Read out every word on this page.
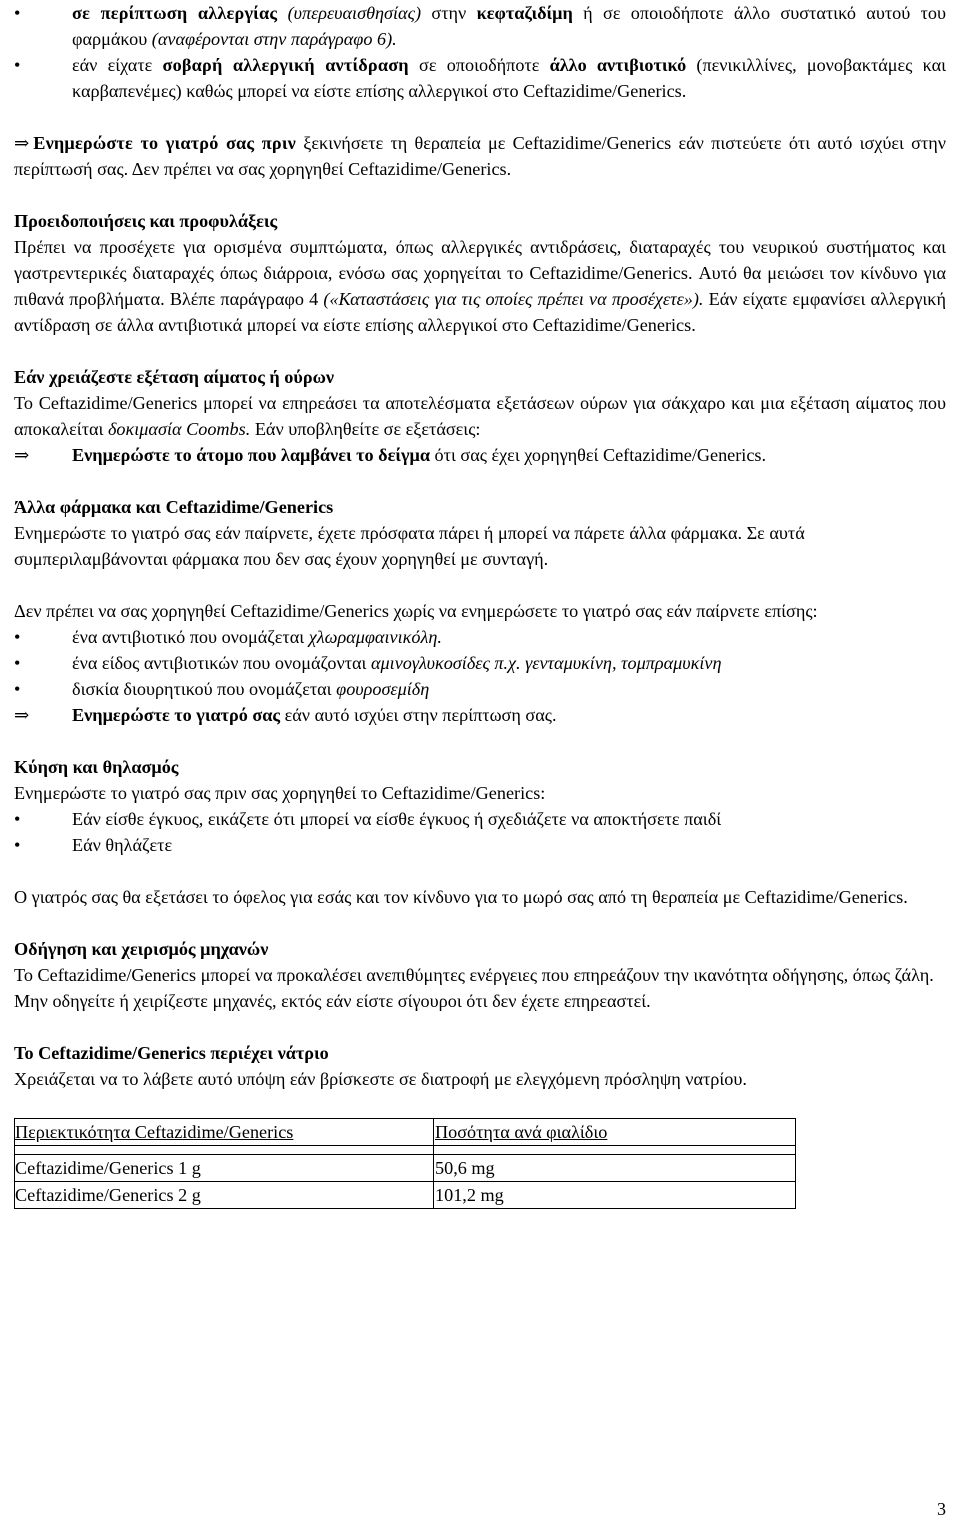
•	σε περίπτωση αλλεργίας (υπερευαισθησίας) στην κεφταζιδίμη ή σε οποιοδήποτε άλλο συστατικό αυτού του φαρμάκου (αναφέρονται στην παράγραφο 6).
•	εάν είχατε σοβαρή αλλεργική αντίδραση σε οποιοδήποτε άλλο αντιβιοτικό (πενικιλλίνες, μονοβακτάμες και καρβαπενέμες) καθώς μπορεί να είστε επίσης αλλεργικοί στο Ceftazidime/Generics.

⇒ Ενημερώστε το γιατρό σας πριν ξεκινήσετε τη θεραπεία με Ceftazidime/Generics εάν πιστεύετε ότι αυτό ισχύει στην περίπτωσή σας. Δεν πρέπει να σας χορηγηθεί Ceftazidime/Generics.

Προειδοποιήσεις και προφυλάξεις

Πρέπει να προσέχετε για ορισμένα συμπτώματα, όπως αλλεργικές αντιδράσεις, διαταραχές του νευρικού συστήματος και γαστρεντερικές διαταραχές όπως διάρροια, ενόσω σας χορηγείται το Ceftazidime/Generics. Αυτό θα μειώσει τον κίνδυνο για πιθανά προβλήματα. Βλέπε παράγραφο 4 («Καταστάσεις για τις οποίες πρέπει να προσέχετε»). Εάν είχατε εμφανίσει αλλεργική αντίδραση σε άλλα αντιβιοτικά μπορεί να είστε επίσης αλλεργικοί στο Ceftazidime/Generics.

Εάν χρειάζεστε εξέταση αίματος ή ούρων

Το Ceftazidime/Generics μπορεί να επηρεάσει τα αποτελέσματα εξετάσεων ούρων για σάκχαρο και μια εξέταση αίματος που αποκαλείται δοκιμασία Coombs. Εάν υποβληθείτε σε εξετάσεις:

⇒ Ενημερώστε το άτομο που λαμβάνει το δείγμα ότι σας έχει χορηγηθεί Ceftazidime/Generics.

Άλλα φάρμακα και Ceftazidime/Generics

Ενημερώστε το γιατρό σας εάν παίρνετε, έχετε πρόσφατα πάρει ή μπορεί να πάρετε άλλα φάρμακα. Σε αυτά συμπεριλαμβάνονται φάρμακα που δεν σας έχουν χορηγηθεί με συνταγή.

Δεν πρέπει να σας χορηγηθεί Ceftazidime/Generics χωρίς να ενημερώσετε το γιατρό σας εάν παίρνετε επίσης:

•	ένα αντιβιοτικό που ονομάζεται χλωραμφαινικόλη.
•	ένα είδος αντιβιοτικών που ονομάζονται αμινογλυκοσίδες π.χ. γενταμυκίνη, τομπραμυκίνη
•	δισκία διουρητικού που ονομάζεται φουροσεμίδη
⇒ Ενημερώστε το γιατρό σας εάν αυτό ισχύει στην περίπτωση σας.

Κύηση και θηλασμός

Ενημερώστε το γιατρό σας πριν σας χορηγηθεί το Ceftazidime/Generics:

•	Εάν είσθε έγκυος, εικάζετε ότι μπορεί να είσθε έγκυος ή σχεδιάζετε να αποκτήσετε παιδί
•	Εάν θηλάζετε

Ο γιατρός σας θα εξετάσει το όφελος για εσάς και τον κίνδυνο για το μωρό σας από τη θεραπεία με Ceftazidime/Generics.

Οδήγηση και χειρισμός μηχανών

Το Ceftazidime/Generics μπορεί να προκαλέσει ανεπιθύμητες ενέργειες που επηρεάζουν την ικανότητα οδήγησης, όπως ζάλη.

Μην οδηγείτε ή χειρίζεστε μηχανές, εκτός εάν είστε σίγουροι ότι δεν έχετε επηρεαστεί.

Το Ceftazidime/Generics περιέχει νάτριο

Χρειάζεται να το λάβετε αυτό υπόψη εάν βρίσκεστε σε διατροφή με ελεγχόμενη πρόσληψη νατρίου.

Περιεκτικότητα Ceftazidime/Generics	Ποσότητα ανά φιαλίδιο

Ceftazidime/Generics 1 g	50,6 mg
Ceftazidime/Generics 2 g	101,2 mg
3
